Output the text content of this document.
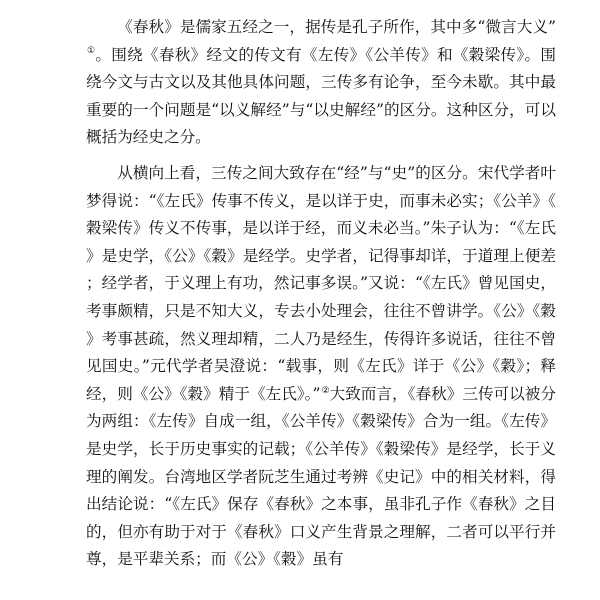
《春秋》是儒家五经之一，据传是孔子所作，其中多“微言大义”①。围绕《春秋》经文的传文有《左传》《公羊传》和《穀梁传》。围绕今文与古文以及其他具体问题，三传多有论争，至今未歇。其中最重要的一个问题是“以义解经”与“以史解经”的区分。这种区分，可以概括为经史之分。

从横向上看，三传之间大致存在“经”与“史”的区分。宋代学者叶梦得说：“《左氏》传事不传义，是以详于史，而事未必实；《公羊》《穀梁传》传义不传事，是以详于经，而义未必当。”朱子认为：“《左氏》是史学，《公》《穀》是经学。史学者，记得事却详，于道理上便差；经学者，于义理上有功，然记事多误。”又说：“《左氏》曾见国史，考事颇精，只是不知大义，专去小处理会，往往不曾讲学。《公》《穀》考事甚疏，然义理却精，二人乃是经生，传得许多说话，往往不曾见国史。”元代学者吴澄说：“载事，则《左氏》详于《公》《穀》；释经，则《公》《穀》精于《左氏》。”②大致而言，《春秋》三传可以被分为两组：《左传》自成一组，《公羊传》《穀梁传》合为一组。《左传》是史学，长于历史事实的记载；《公羊传》《穀梁传》是经学，长于义理的阐发。台湾地区学者阮芝生通过考辨《史记》中的相关材料，得出结论说：“《左氏》保存《春秋》之本事，虽非孔子作《春秋》之目的，但亦有助于对于《春秋》口义产生背景之理解，二者可以平行并尊，是平辈关系；而《公》《穀》虽有
